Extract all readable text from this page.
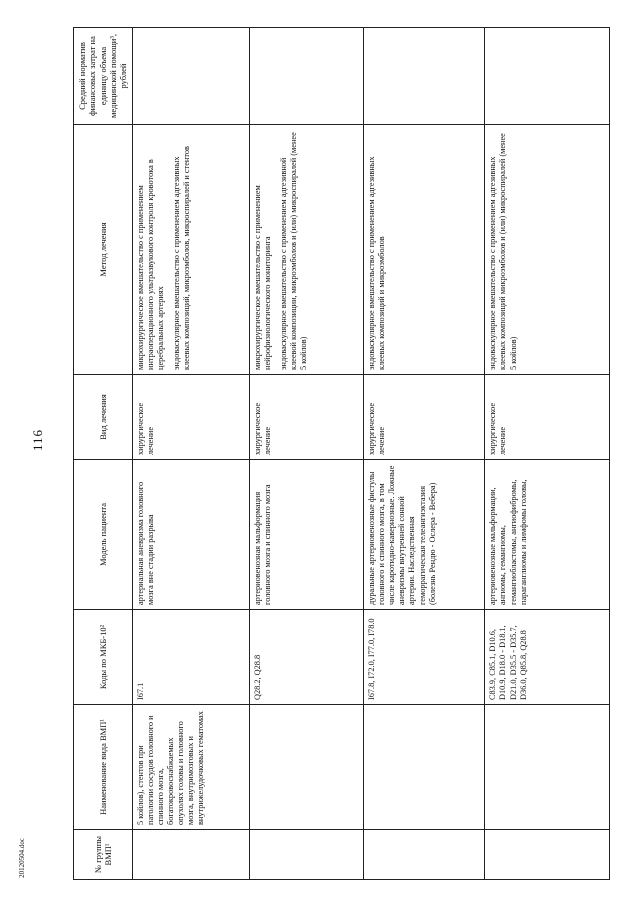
116
20120504.doc	№ группы ВМП¹	Наименование вида ВМП¹	Коды по МКБ-10²	Модель пациента	Вид лечения	Метод лечения	Средний норматив финансовых затрат на единицу объема медицинской помощи³, рублей
	5 койлов), стентов при патологии сосудов головного и спинного мозга, богатокровоснабжаемых опухолях головы и головного мозга, внутримозговых и внутрижелудочковых гематомах	I67.1	артериальная аневризма головного мозга вне стадии разрыва	хирургическое лечение	микрохирургическое вмешательство с применением интраоперационного ультразвукового контроля кровотока в церебральных артериях эндоваскулярное вмешательство с применением адгезивных клеевых композиций, микроэмболов, микроспиралей и стентов	

		Q28.2, Q28.8	артериовенозная мальформация головного мозга и спинного мозга	хирургическое лечение	микрохирургическое вмешательство с применением нейрофизиологического мониторинга эндоваскулярное вмешательство с применением адгезивной клеевой композиции, микроэмболов и (или) микроспиралей (менее 5 койлов)	

		I67.8, I72.0, I77.0, I78.0	дуральные артериовенозные фистулы головного и спинного мозга, в том числе каротидно-кавернозные. Ложные аневризмы внутренней сонной артерии. Наследственная геморрагическая телеангиэктазия (болезнь Рендю - Ослера - Вебера)	хирургическое лечение	эндоваскулярное вмешательство с применением адгезивных клеевых композиций и микроэмболов	

		C83.9, C85.1, D10.6, D10.9, D18.0 - D18.1, D21.0, D35.5 - D35.7, D36.0, Q85.8, Q28.8	артериовенозные мальформации, ангиомы, гемангиомы, гемангиобластомы, ангиофибромы, параганглиомы и лимфомы головы,	хирургическое лечение	эндоваскулярное вмешательство с применением адгезивных клеевых композиций микроэмболов и (или) микроспиралей (менее 5 койлов)	
